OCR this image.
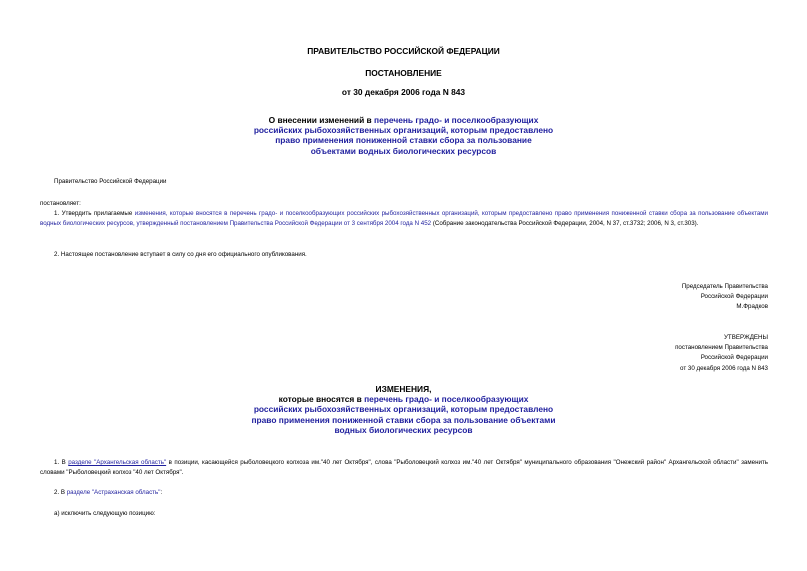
ПРАВИТЕЛЬСТВО РОССИЙСКОЙ ФЕДЕРАЦИИ
ПОСТАНОВЛЕНИЕ
от 30 декабря 2006 года N 843
О внесении изменений в перечень градо- и поселкообразующих
российских рыбохозяйственных организаций, которым предоставлено
право применения пониженной ставки сбора за пользование
объектами водных биологических ресурсов
Правительство Российской Федерации
постановляет:
1. Утвердить прилагаемые изменения, которые вносятся в перечень градо- и поселкообразующих российских рыбохозяйственных организаций, которым предоставлено право применения пониженной ставки сбора за пользование объектами водных биологических ресурсов, утвержденный постановлением Правительства Российской Федерации от 3 сентября 2004 года N 452 (Собрание законодательства Российской Федерации, 2004, N 37, ст.3732; 2006, N 3, ст.303).
2. Настоящее постановление вступает в силу со дня его официального опубликования.
Председатель Правительства
Российской Федерации
М.Фрадков
УТВЕРЖДЕНЫ
постановлением Правительства
Российской Федерации
от 30 декабря 2006 года N 843
ИЗМЕНЕНИЯ,
которые вносятся в перечень градо- и поселкообразующих
российских рыбохозяйственных организаций, которым предоставлено
право применения пониженной ставки сбора за пользование объектами
водных биологических ресурсов
1. В разделе "Архангельская область" в позиции, касающейся рыболовецкого колхоза им."40 лет Октября", слова "Рыболовецкий колхоз им."40 лет Октября" муниципального образования "Онежский район" Архангельской области" заменить словами "Рыболовецкий колхоз "40 лет Октября".
2. В разделе "Астраханская область":
а) исключить следующую позицию:
